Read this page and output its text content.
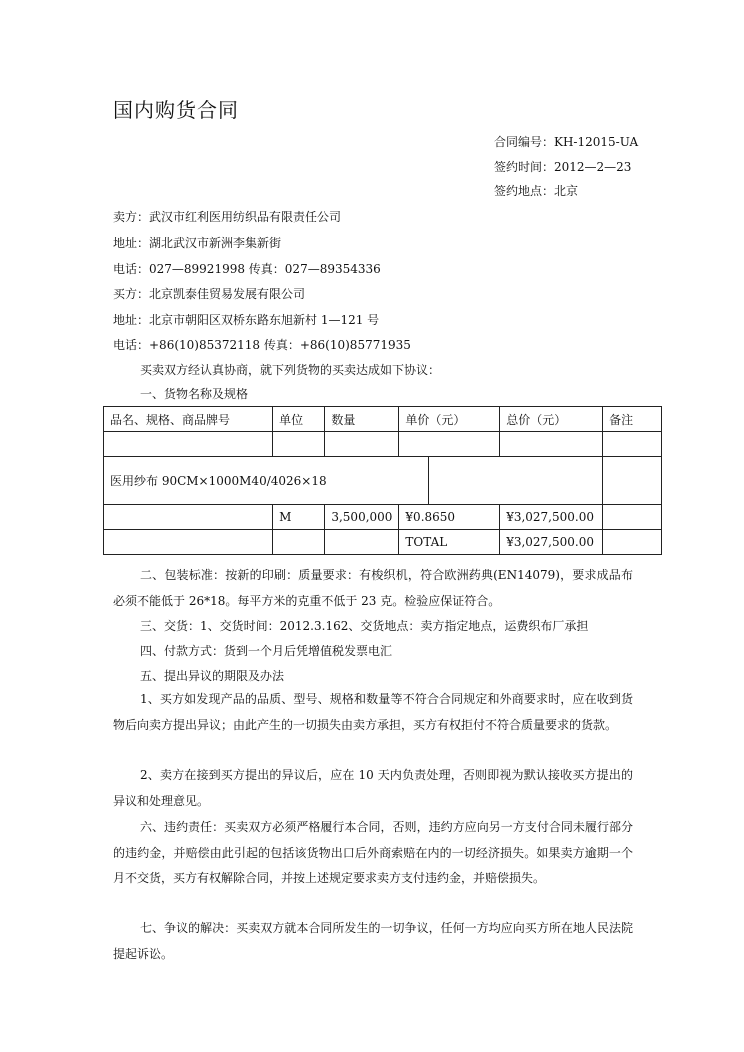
国内购货合同
合同编号：KH-12015-UA
签约时间：2012—2—23
签约地点：北京
卖方：武汉市红利医用纺织品有限责任公司
地址：湖北武汉市新洲李集新街
电话：027—89921998 传真：027—89354336
买方：北京凯泰佳贸易发展有限公司
地址：北京市朝阳区双桥东路东旭新村 1—121 号
电话：+86(10)85372118 传真：+86(10)85771935
买卖双方经认真协商，就下列货物的买卖达成如下协议：
一、货物名称及规格
品名、规格、商品牌号	单位	数量	单价（元）		总价（元）	备注

医用纱布 90CM×1000M40/4026×18						
	M	3,500,000	¥0.8650		¥3,027,500.00	
			TOTAL		¥3,027,500.00	
二、包装标准：按新的印刷：质量要求：有梭织机，符合欧洲药典(EN14079)，要求成品布必须不能低于 26*18。每平方米的克重不低于 23 克。检验应保证符合。
三、交货：1、交货时间：2012.3.162、交货地点：卖方指定地点，运费织布厂承担
四、付款方式：货到一个月后凭增值税发票电汇
五、提出异议的期限及办法
1、买方如发现产品的品质、型号、规格和数量等不符合合同规定和外商要求时，应在收到货物后向卖方提出异议；由此产生的一切损失由卖方承担，买方有权拒付不符合质量要求的货款。
2、卖方在接到买方提出的异议后，应在 10 天内负责处理，否则即视为默认接收买方提出的异议和处理意见。
六、违约责任：买卖双方必须严格履行本合同，否则，违约方应向另一方支付合同未履行部分的违约金，并赔偿由此引起的包括该货物出口后外商索赔在内的一切经济损失。如果卖方逾期一个月不交货，买方有权解除合同，并按上述规定要求卖方支付违约金，并赔偿损失。
七、争议的解决：买卖双方就本合同所发生的一切争议，任何一方均应向买方所在地人民法院提起诉讼。
